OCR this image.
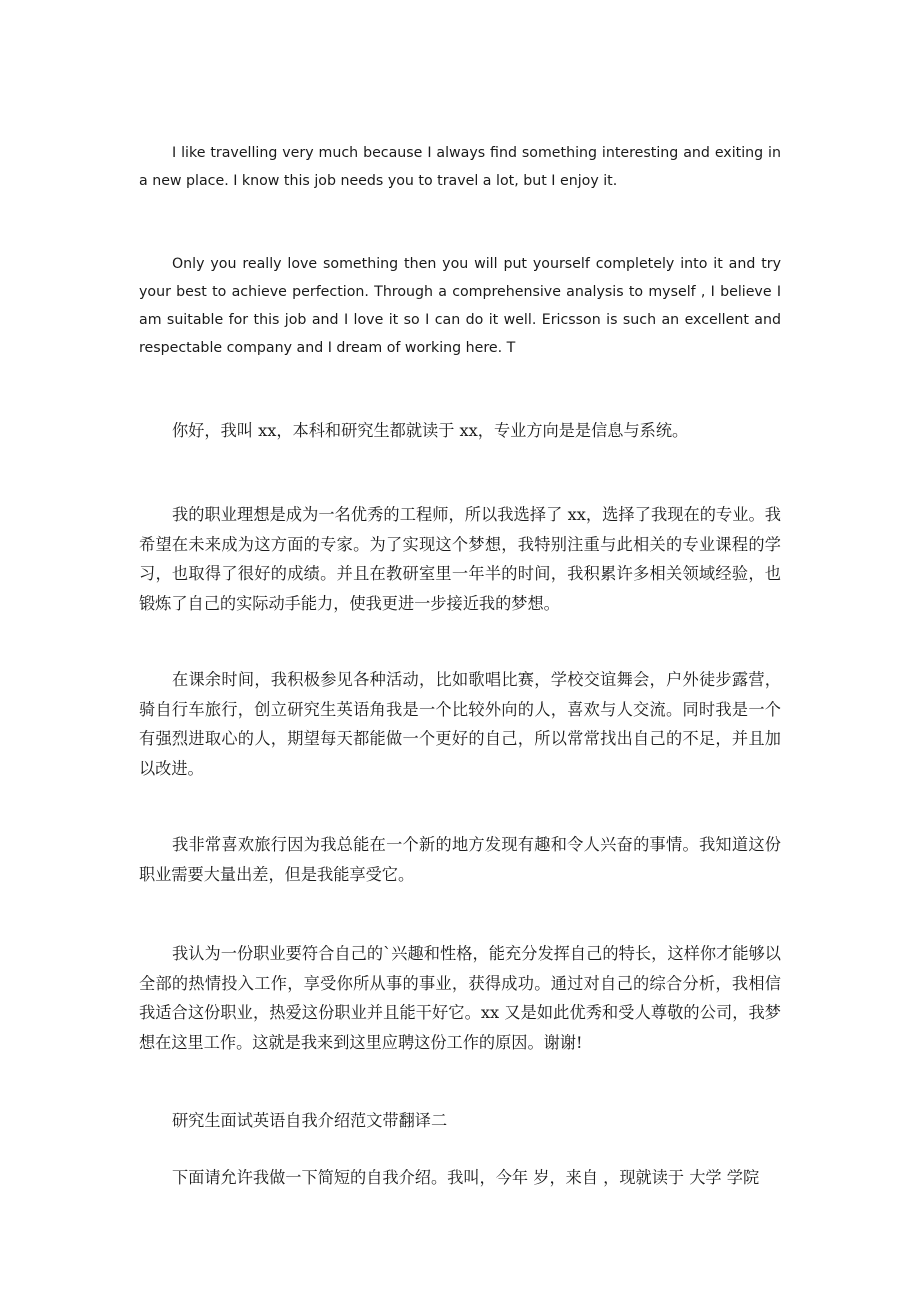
I like travelling very much because I always find something interesting and exiting in a new place. I know this job needs you to travel a lot, but I enjoy it.

Only you really love something then you will put yourself completely into it and try your best to achieve perfection. Through a comprehensive analysis to myself , I believe I am suitable for this job and I love it so I can do it well. Ericsson is such an excellent and respectable company and I dream of working here. T

你好，我叫 xx，本科和研究生都就读于 xx，专业方向是是信息与系统。

我的职业理想是成为一名优秀的工程师，所以我选择了 xx，选择了我现在的专业。我希望在未来成为这方面的专家。为了实现这个梦想，我特别注重与此相关的专业课程的学习，也取得了很好的成绩。并且在教研室里一年半的时间，我积累许多相关领域经验，也锻炼了自己的实际动手能力，使我更进一步接近我的梦想。

在课余时间，我积极参见各种活动，比如歌唱比赛，学校交谊舞会，户外徒步露营，骑自行车旅行，创立研究生英语角我是一个比较外向的人，喜欢与人交流。同时我是一个有强烈进取心的人，期望每天都能做一个更好的自己，所以常常找出自己的不足，并且加以改进。

我非常喜欢旅行因为我总能在一个新的地方发现有趣和令人兴奋的事情。我知道这份职业需要大量出差，但是我能享受它。

我认为一份职业要符合自己的`兴趣和性格，能充分发挥自己的特长，这样你才能够以全部的热情投入工作，享受你所从事的事业，获得成功。通过对自己的综合分析，我相信我适合这份职业，热爱这份职业并且能干好它。xx 又是如此优秀和受人尊敬的公司，我梦想在这里工作。这就是我来到这里应聘这份工作的原因。谢谢!

研究生面试英语自我介绍范文带翻译二

下面请允许我做一下简短的自我介绍。我叫，今年 岁，来自 ，现就读于 大学 学院
